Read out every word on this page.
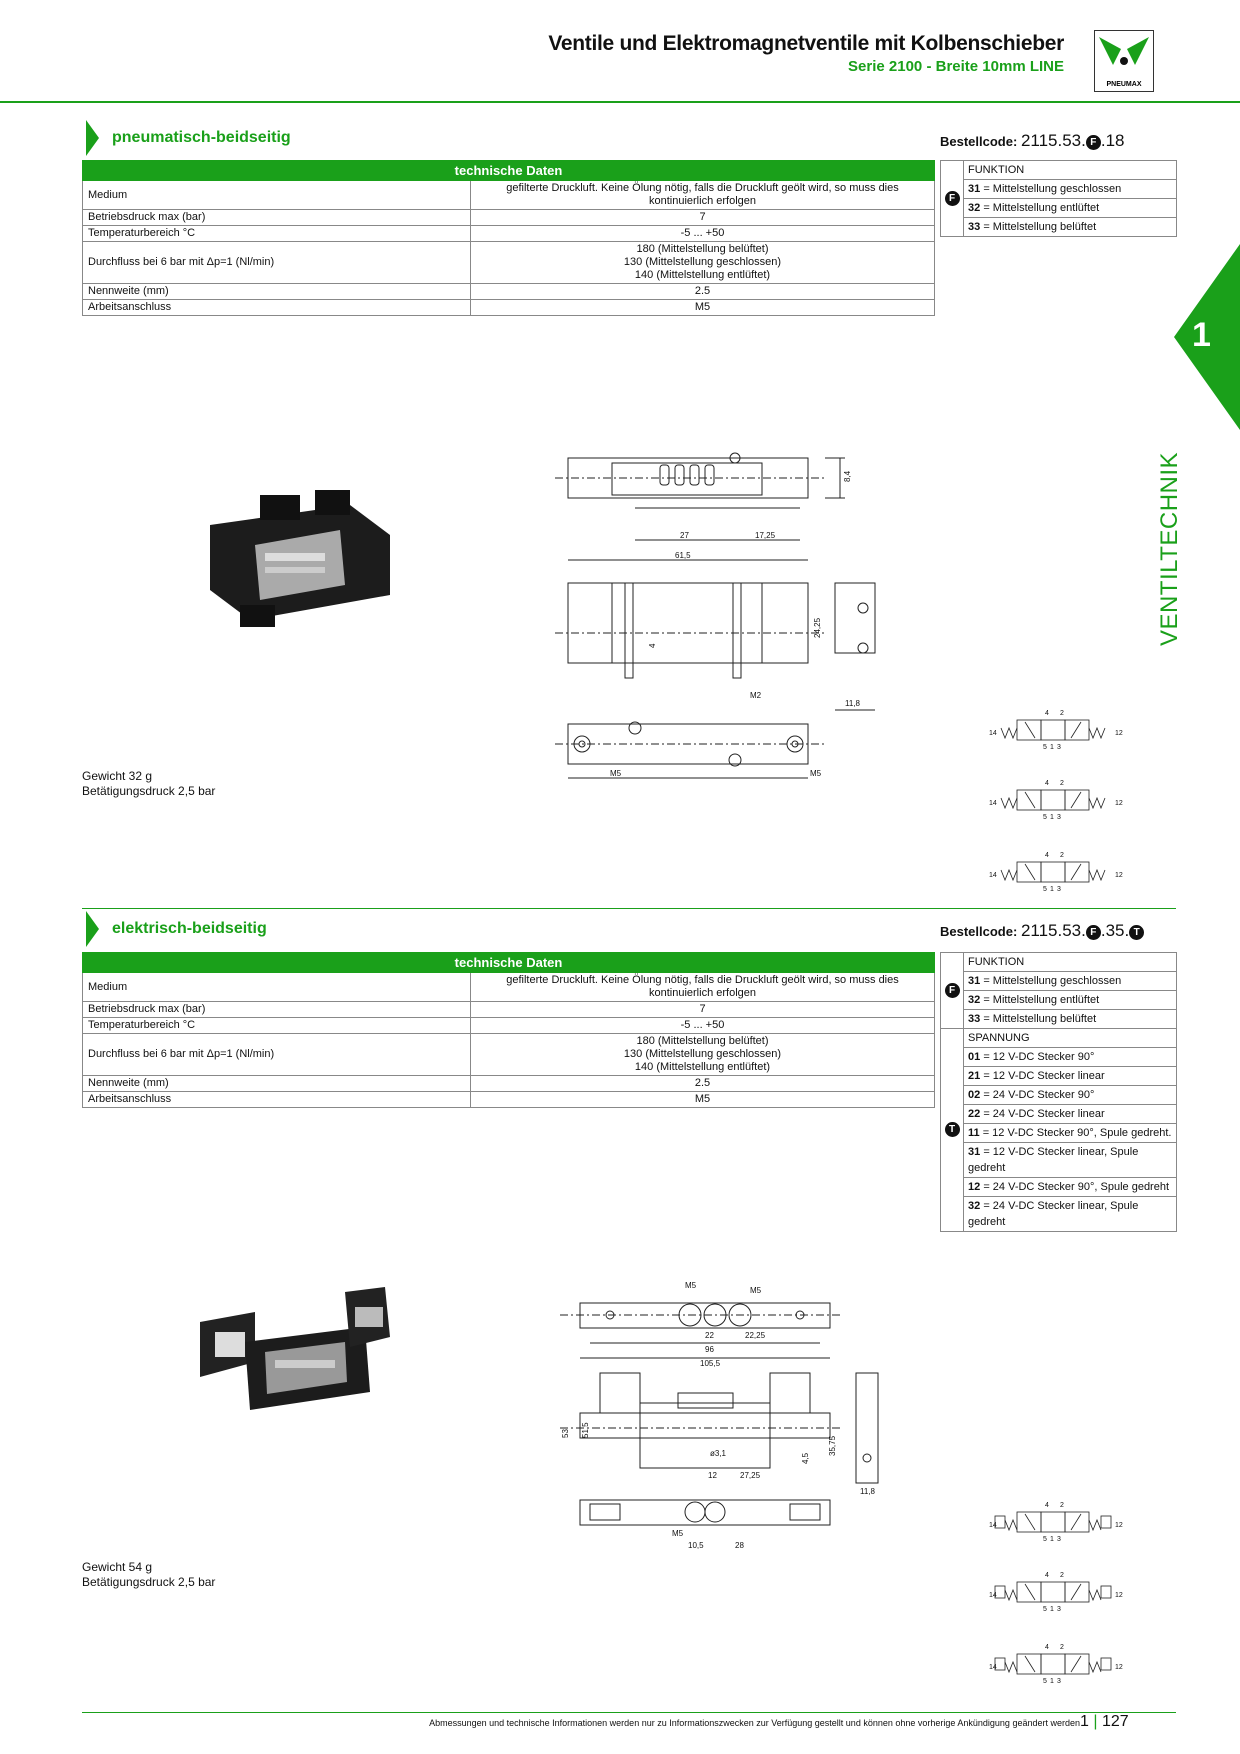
Ventile und Elektromagnetventile mit Kolbenschieber
Serie 2100 - Breite 10mm LINE
PNEUMAX
1
VENTILTECHNIK
pneumatisch-beidseitig	Bestellcode: 2115.53. F .18
technische Daten	
Medium	gefilterte Druckluft. Keine Ölung nötig, falls die Druckluft geölt wird, so muss dies kontinuierlich erfolgen
Betriebsdruck max (bar)	7
Temperaturbereich °C	-5 ... +50
Durchfluss bei 6 bar mit Δp=1 (Nl/min)	180 (Mittelstellung belüftet)
130 (Mittelstellung geschlossen)
140 (Mittelstellung entlüftet)
Nennweite (mm)	2.5
Arbeitsanschluss	M5
F	FUNKTION
31 = Mittelstellung geschlossen
32 = Mittelstellung entlüftet
33 = Mittelstellung belüftet
8,4
27	17,25
61,5
24,25
4
M2
11,8
M5	M5
Gewicht 32 g
Betätigungsdruck 2,5 bar
4 2
14	12
5 1 3
4 2
14	12
5 1 3
4 2
14	12
5 1 3
elektrisch-beidseitig	Bestellcode: 2115.53. F .35. T
technische Daten	
Medium	gefilterte Druckluft. Keine Ölung nötig, falls die Druckluft geölt wird, so muss dies kontinuierlich erfolgen
Betriebsdruck max (bar)	7
Temperaturbereich °C	-5 ... +50
Durchfluss bei 6 bar mit Δp=1 (Nl/min)	180 (Mittelstellung belüftet)
130 (Mittelstellung geschlossen)
140 (Mittelstellung entlüftet)
Nennweite (mm)	2.5
Arbeitsanschluss	M5
F	FUNKTION
	31 = Mittelstellung geschlossen
	32 = Mittelstellung entlüftet
	33 = Mittelstellung belüftet
T	SPANNUNG
	01 = 12 V-DC Stecker 90°
	21 = 12 V-DC Stecker linear
	02 = 24 V-DC Stecker 90°
	22 = 24 V-DC Stecker linear
	11 = 12 V-DC Stecker 90°, Spule gedreht.
	31 = 12 V-DC Stecker linear, Spule gedreht
	12 = 24 V-DC Stecker 90°, Spule gedreht
	32 = 24 V-DC Stecker linear, Spule gedreht
M5
M5
22	22,25
96
105,5
53 51,5
ø3,1	4,5
35,75
12	27,25
11,8
M5
10,5	28
Gewicht 54 g
Betätigungsdruck 2,5 bar
4 2
14	12
5 1 3
4 2
14	12
5 1 3
4 2
14	12
5 1 3
Abmessungen und technische Informationen werden nur zu Informationszwecken zur Verfügung gestellt und können ohne vorherige Ankündigung geändert werden 1 | 127
